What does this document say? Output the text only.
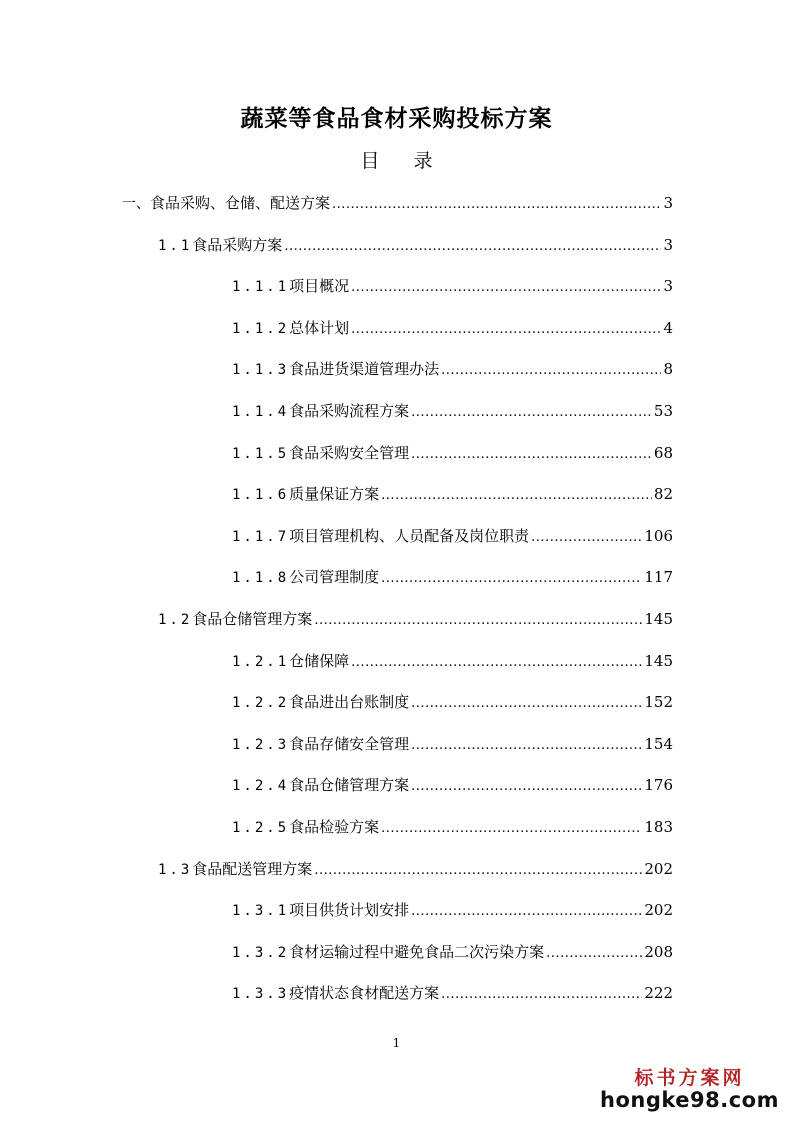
蔬菜等食品食材采购投标方案
目 录
一、 食品采购、仓储、配送方案 .....	3
1.1 食品采购方案 .....	3
1.1.1 项目概况 .....	3
1.1.2 总体计划 .....	4
1.1.3 食品进货渠道管理办法 .....	8
1.1.4 食品采购流程方案 .....	53
1.1.5 食品采购安全管理 .....	68
1.1.6 质量保证方案 .....	82
1.1.7 项目管理机构、人员配备及岗位职责 .....	106
1.1.8 公司管理制度 .....	117
1.2 食品仓储管理方案 .....	145
1.2.1 仓储保障 .....	145
1.2.2 食品进出台账制度 .....	152
1.2.3 食品存储安全管理 .....	154
1.2.4 食品仓储管理方案 .....	176
1.2.5 食品检验方案 .....	183
1.3 食品配送管理方案 .....	202
1.3.1 项目供货计划安排 .....	202
1.3.2 食材运输过程中避免食品二次污染方案 .....	208
1.3.3 疫情状态食材配送方案 .....	222
1
标书方案网
hongke98.com
